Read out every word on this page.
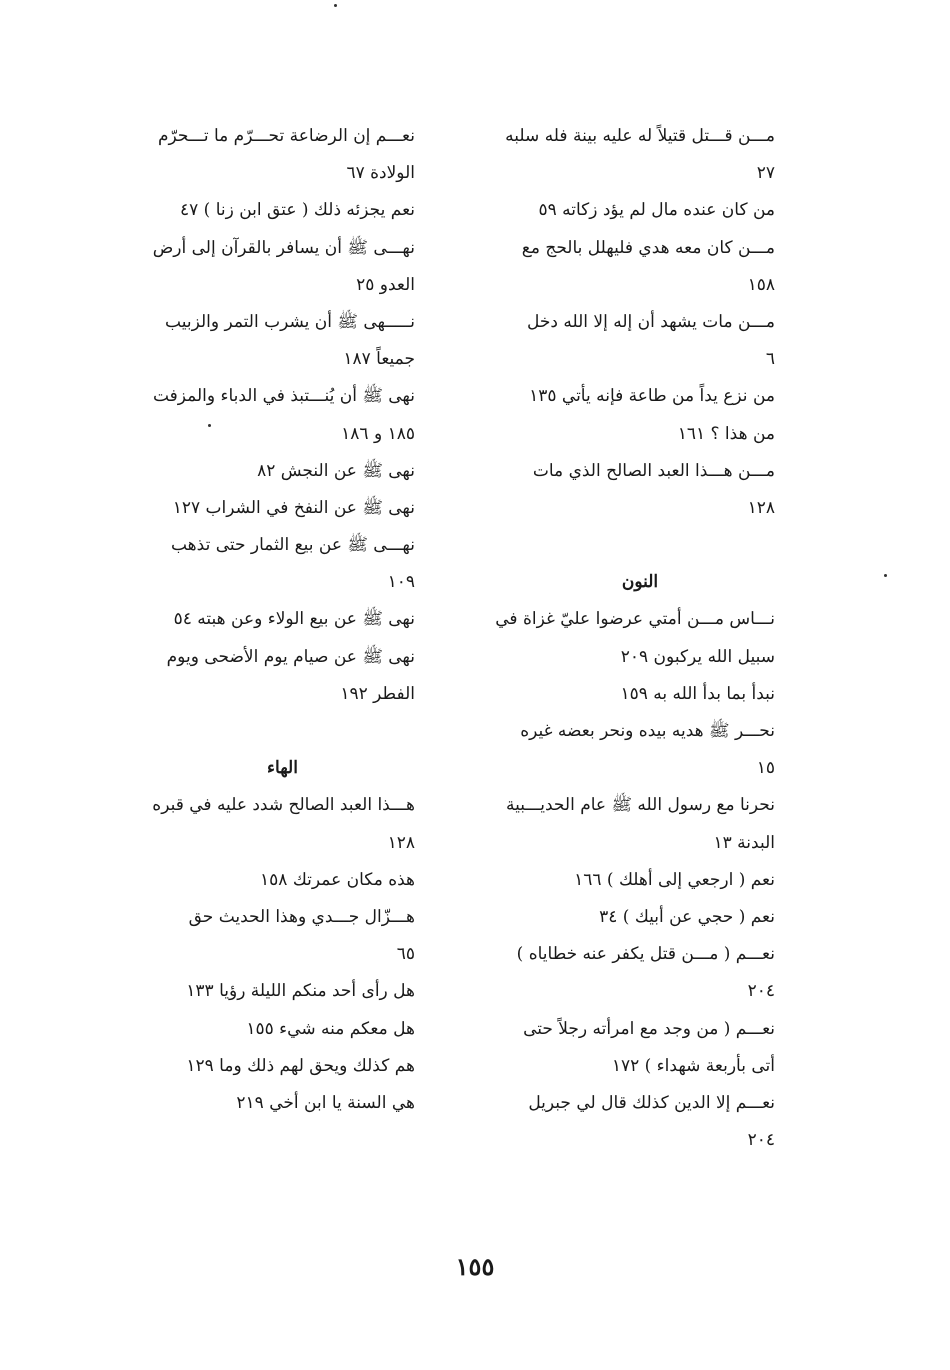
مـــن قـــتل قتيلاً له عليه بينة فله سلبه
٢٧
من كان عنده مال لم يؤد زكاته ٥٩
مـــن كان معه هدي فليهلل بالحج مع
١٥٨
مـــن مات يشهد أن إله إلا الله دخل
٦
من نزع يداً من طاعة فإنه يأتي ١٣٥
من هذا ؟ ١٦١
مـــن هـــذا العبد الصالح الذي مات
١٢٨
النون
نـــاس مـــن أمتي عرضوا عليّ غزاة في
سبيل الله يركبون ٢٠٩
نبدأ بما بدأ الله به ١٥٩
نحـــر ﷺ هديه بيده ونحر بعضه غيره
١٥
نحرنا مع رسول الله ﷺ عام الحديـــبية
البدنة ١٣
نعم ( ارجعي إلى أهلك ) ١٦٦
نعم ( حجي عن أبيك ) ٣٤
نعـــم ( مـــن قتل يكفر عنه خطاياه )
٢٠٤
نعـــم ( من وجد مع امرأته رجلاً حتى
أتى بأربعة شهداء ) ١٧٢
نعـــم إلا الدين كذلك قال لي جبريل
٢٠٤
نعـــم إن الرضاعة تحـــرّم ما تـــحرّم
الولادة ٦٧
نعم يجزئه ذلك ( عتق ابن زنا ) ٤٧
نهـــى ﷺ أن يسافر بالقرآن إلى أرض
العدو ٢٥
نـــــهى ﷺ أن يشرب التمر والزبيب
جميعاً ١٨٧
نهى ﷺ أن يُنـــتبذ في الدباء والمزفت
١٨٥ و ١٨٦
نهى ﷺ عن النجش ٨٢
نهى ﷺ عن النفخ في الشراب ١٢٧
نهـــى ﷺ عن بيع الثمار حتى تذهب
١٠٩
نهى ﷺ عن بيع الولاء وعن هبته ٥٤
نهى ﷺ عن صيام يوم الأضحى ويوم
الفطر ١٩٢
الهاء
هـــذا العبد الصالح شدد عليه في قبره
١٢٨
هذه مكان عمرتك ١٥٨
هـــزّال جـــدي وهذا الحديث حق
٦٥
هل رأى أحد منكم الليلة رؤيا ١٣٣
هل معكم منه شيء ١٥٥
هم كذلك ويحق لهم ذلك وما ١٢٩
هي السنة يا ابن أخي ٢١٩
١٥٥
